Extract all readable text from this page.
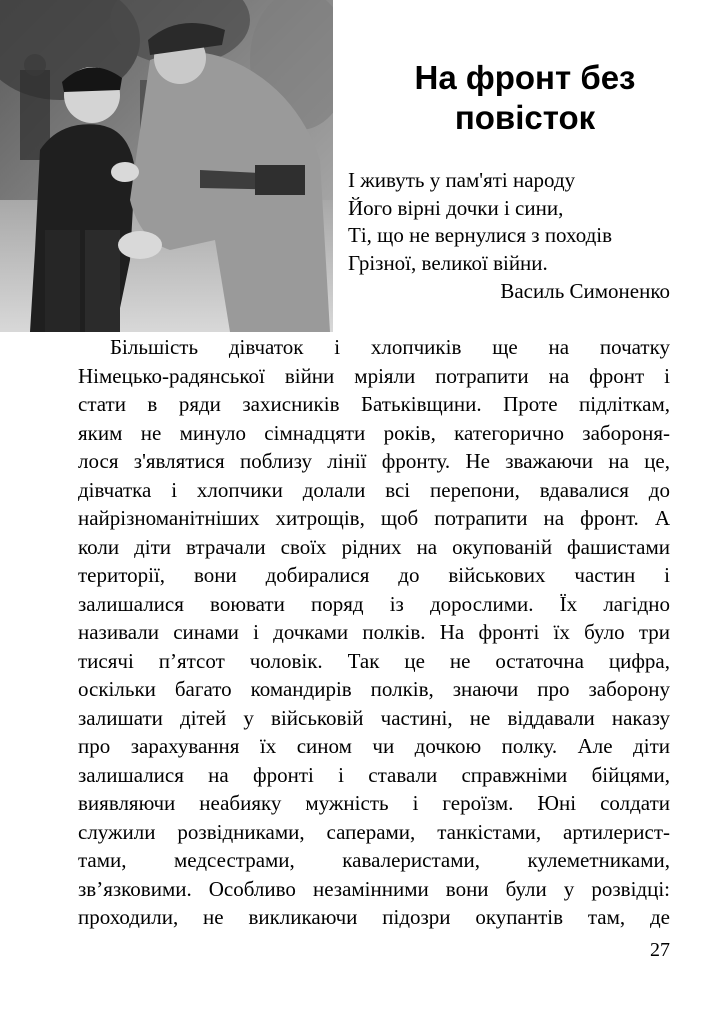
На фронт без
повісток
І живуть у пам'яті народу
Його вірні дочки і сини,
Ті, що не вернулися з походів
Грізної, великої війни.
Василь Симоненко
Більшість дівчаток і хлопчиків ще на початку
Німецько-радянської війни мріяли потрапити на фронт і
стати в ряди захисників Батьківщини. Проте підліткам,
яким не минуло сімнадцяти років, категорично забороня-
лося з'являтися поблизу лінії фронту. Не зважаючи на це,
дівчатка і хлопчики долали всі перепони, вдавалися до
найрізноманітніших хитрощів, щоб потрапити на фронт. А
коли діти втрачали своїх рідних на окупованій фашистами
території, вони добиралися до військових частин і
залишалися воювати поряд із дорослими. Їх лагідно
називали синами і дочками полків. На фронті їх було три
тисячі п’ятсот чоловік. Так це не остаточна цифра,
оскільки багато командирів полків, знаючи про заборону
залишати дітей у військовій частині, не віддавали наказу
про зарахування їх сином чи дочкою полку. Але діти
залишалися на фронті і ставали справжніми бійцями,
виявляючи неабияку мужність і героїзм. Юні солдати
служили розвідниками, саперами, танкістами, артилерист-
тами, медсестрами, кавалеристами, кулеметниками,
зв’язковими. Особливо незамінними вони були у розвідці:
проходили, не викликаючи підозри окупантів там, де
27
